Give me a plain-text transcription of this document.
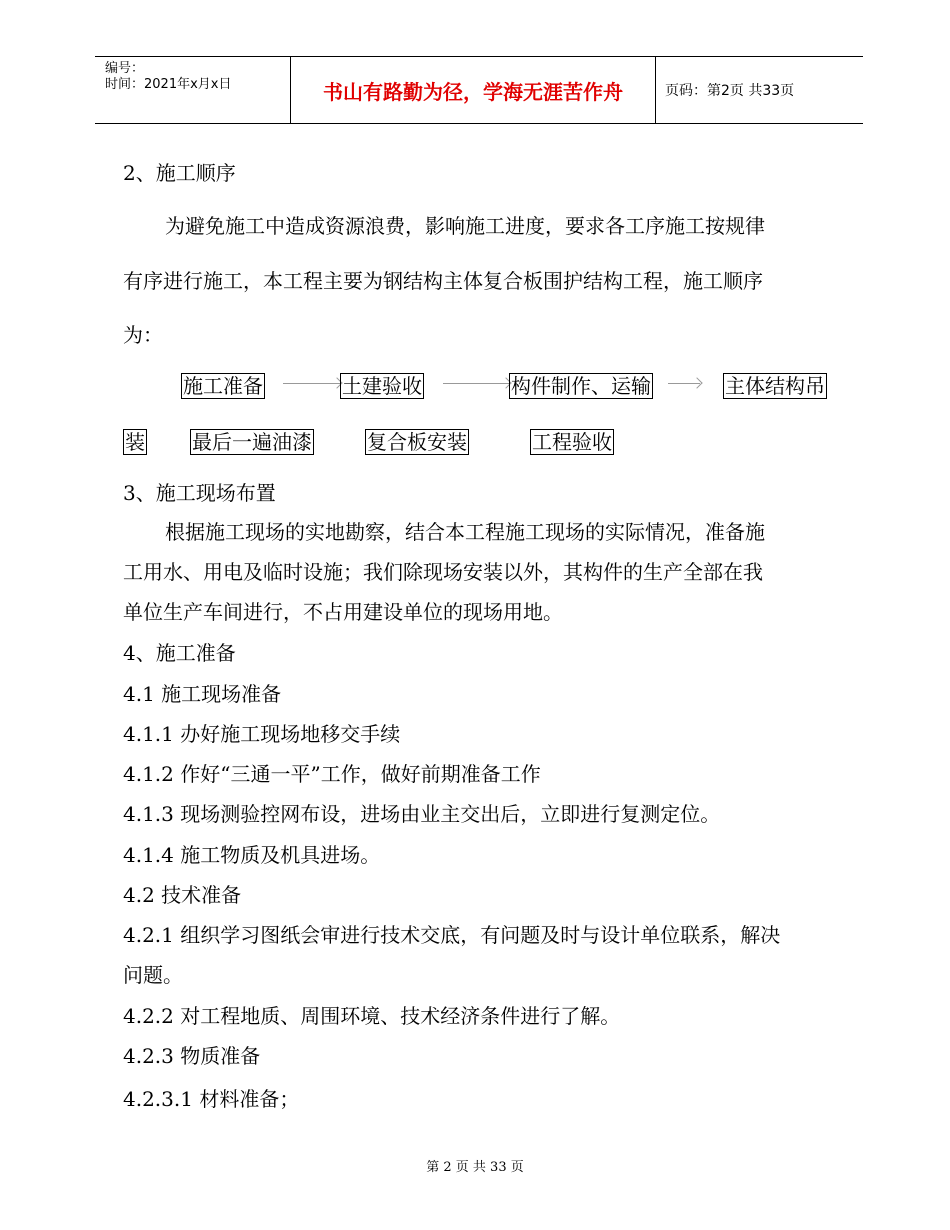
编号：
时间：2021年x月x日	书山有路勤为径，学海无涯苦作舟	页码：第2页 共33页
2、施工顺序
为避免施工中造成资源浪费，影响施工进度，要求各工序施工按规律
有序进行施工，本工程主要为钢结构主体复合板围护结构工程，施工顺序
为：
施工准备	土建验收	构件制作、运输	主体结构吊
装 最后一遍油漆	复合板安装	工程验收
3、施工现场布置
根据施工现场的实地勘察，结合本工程施工现场的实际情况，准备施
工用水、用电及临时设施；我们除现场安装以外，其构件的生产全部在我
单位生产车间进行，不占用建设单位的现场用地。
4、施工准备
4.1 施工现场准备
4.1.1 办好施工现场地移交手续
4.1.2 作好“三通一平”工作，做好前期准备工作
4.1.3 现场测验控网布设，进场由业主交出后，立即进行复测定位。
4.1.4 施工物质及机具进场。
4.2 技术准备
4.2.1 组织学习图纸会审进行技术交底，有问题及时与设计单位联系，解决
问题。
4.2.2 对工程地质、周围环境、技术经济条件进行了解。
4.2.3 物质准备
4.2.3.1 材料准备；
第 2 页 共 33 页
